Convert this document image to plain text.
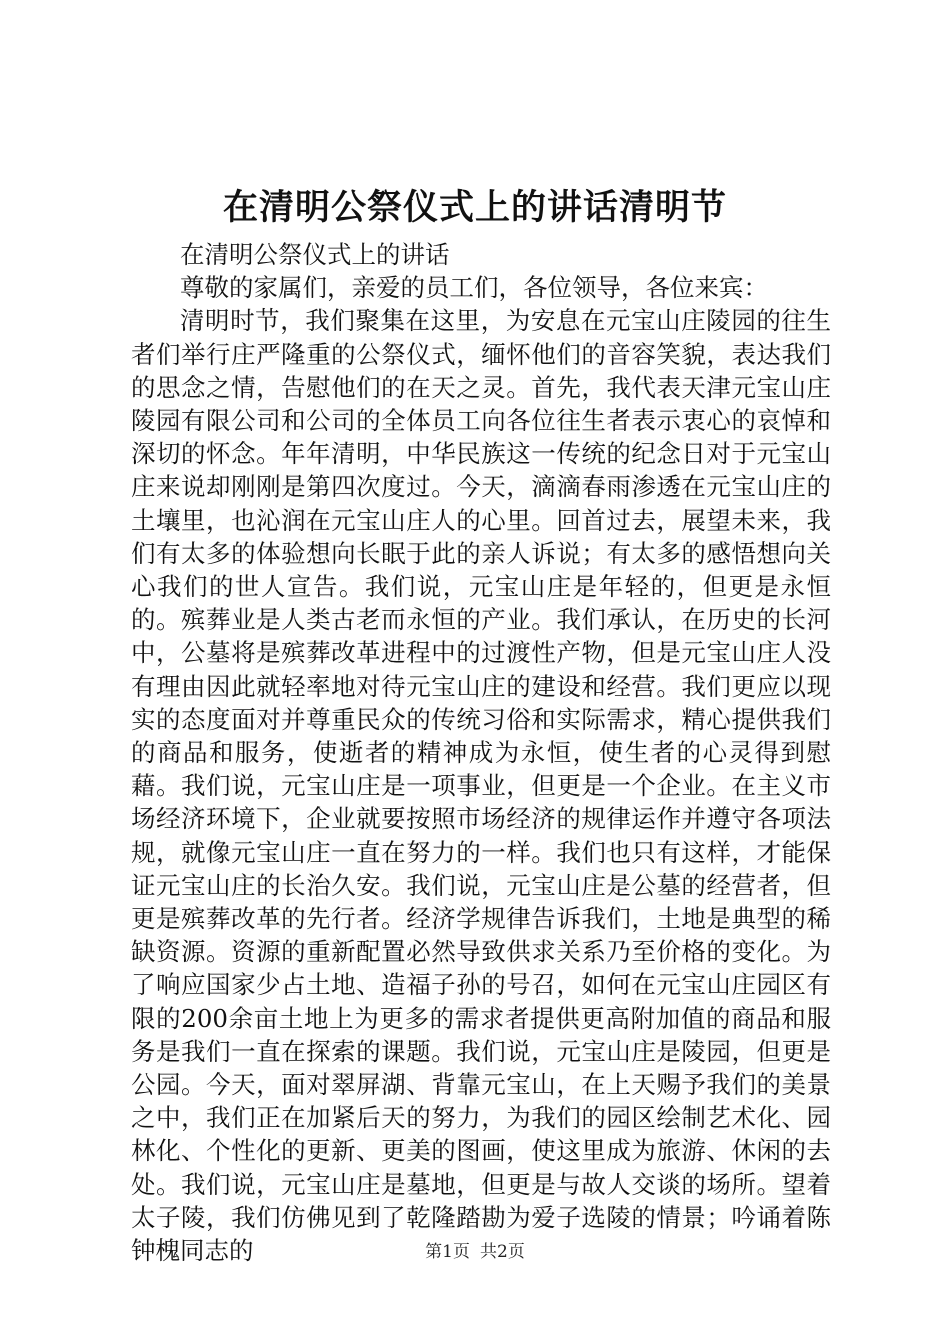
在清明公祭仪式上的讲话清明节

在清明公祭仪式上的讲话

尊敬的家属们，亲爱的员工们，各位领导，各位来宾：

清明时节，我们聚集在这里，为安息在元宝山庄陵园的往生者们举行庄严隆重的公祭仪式，缅怀他们的音容笑貌，表达我们的思念之情，告慰他们的在天之灵。首先，我代表天津元宝山庄陵园有限公司和公司的全体员工向各位往生者表示衷心的哀悼和深切的怀念。年年清明，中华民族这一传统的纪念日对于元宝山庄来说却刚刚是第四次度过。今天，滴滴春雨渗透在元宝山庄的土壤里，也沁润在元宝山庄人的心里。回首过去，展望未来，我们有太多的体验想向长眠于此的亲人诉说；有太多的感悟想向关心我们的世人宣告。我们说，元宝山庄是年轻的，但更是永恒的。殡葬业是人类古老而永恒的产业。我们承认，在历史的长河中，公墓将是殡葬改革进程中的过渡性产物，但是元宝山庄人没有理由因此就轻率地对待元宝山庄的建设和经营。我们更应以现实的态度面对并尊重民众的传统习俗和实际需求，精心提供我们的商品和服务，使逝者的精神成为永恒，使生者的心灵得到慰藉。我们说，元宝山庄是一项事业，但更是一个企业。在主义市场经济环境下，企业就要按照市场经济的规律运作并遵守各项法规，就像元宝山庄一直在努力的一样。我们也只有这样，才能保证元宝山庄的长治久安。我们说，元宝山庄是公墓的经营者，但更是殡葬改革的先行者。经济学规律告诉我们，土地是典型的稀缺资源。资源的重新配置必然导致供求关系乃至价格的变化。为了响应国家少占土地、造福子孙的号召，如何在元宝山庄园区有限的200余亩土地上为更多的需求者提供更高附加值的商品和服务是我们一直在探索的课题。我们说，元宝山庄是陵园，但更是公园。今天，面对翠屏湖、背靠元宝山，在上天赐予我们的美景之中，我们正在加紧后天的努力，为我们的园区绘制艺术化、园林化、个性化的更新、更美的图画，使这里成为旅游、休闲的去处。我们说，元宝山庄是墓地，但更是与故人交谈的场所。望着太子陵，我们仿佛见到了乾隆踏勘为爱子选陵的情景；吟诵着陈钟槐同志的	第1页 共2页
